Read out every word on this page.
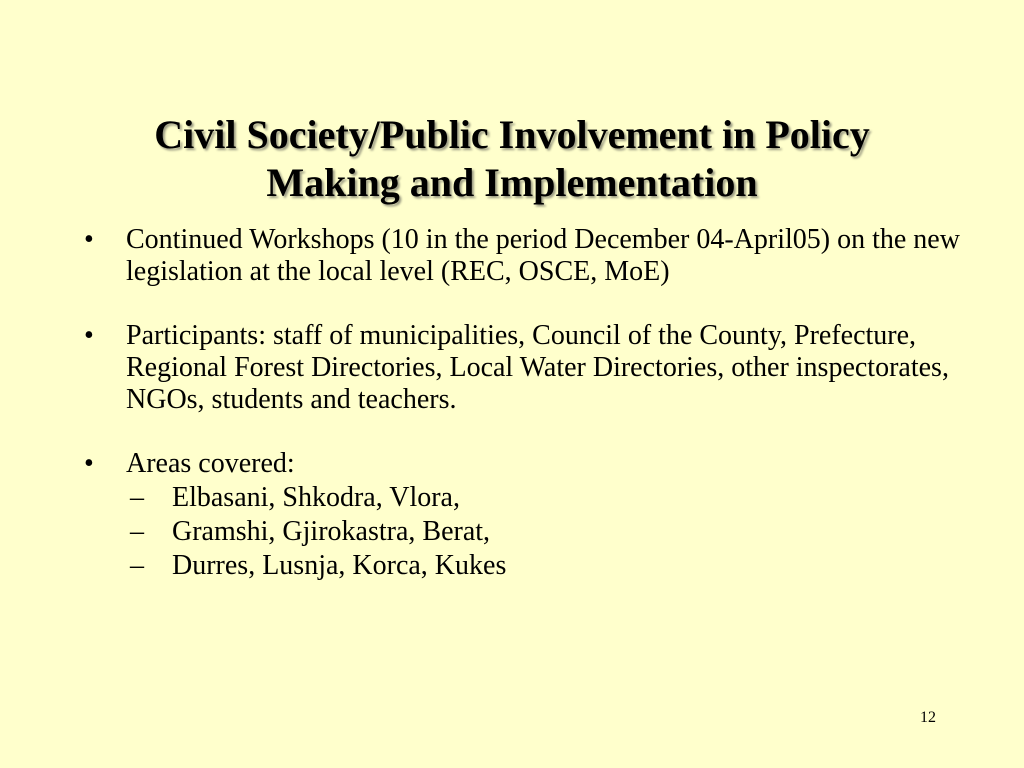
Civil Society/Public Involvement in Policy
Making and Implementation
•	Continued Workshops (10 in the period December 04-April05) on the new legislation at the local level (REC, OSCE, MoE)
•	Participants: staff of municipalities, Council of the County, Prefecture, Regional Forest Directories, Local Water Directories, other inspectorates, NGOs, students and teachers.
•	Areas covered:
–	Elbasani, Shkodra, Vlora,
–	Gramshi, Gjirokastra, Berat,
–	Durres, Lusnja, Korca, Kukes
12
